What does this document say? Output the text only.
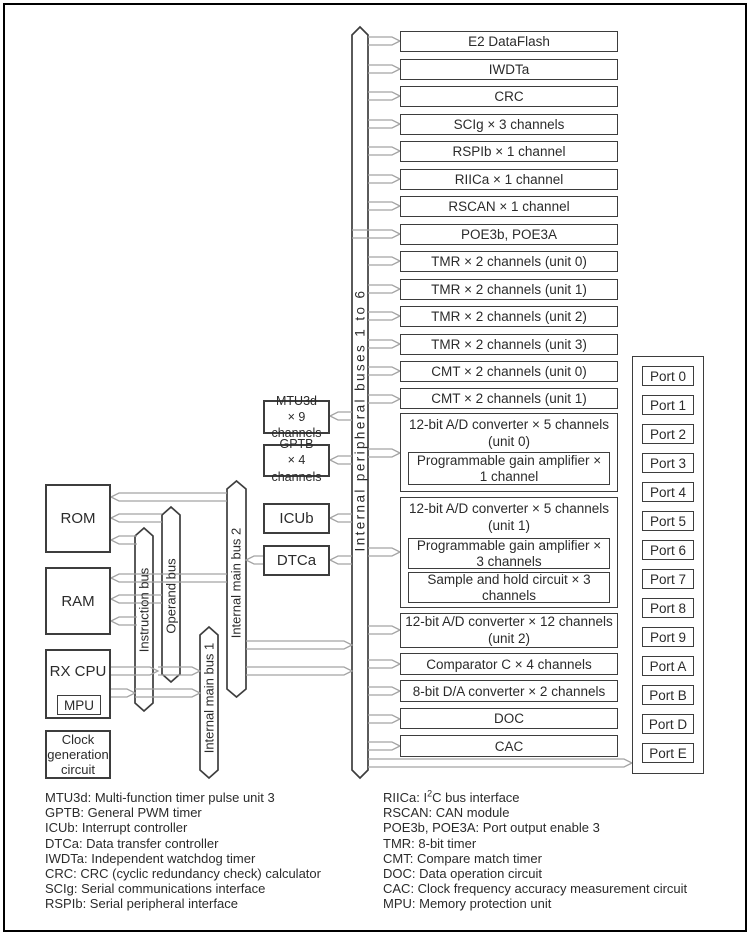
Instruction bus Operand bus
Internal main bus 1
Internal main bus 2
Internal peripheral buses 1 to 6
ROM
RAM
RX CPU
MPU
Clock generation circuit
MTU3d
× 9 channels
GPTB
× 4 channels
ICUb
DTCa
E2 DataFlash
IWDTa
CRC
SCIg × 3 channels
RSPIb × 1 channel
RIICa × 1 channel
RSCAN × 1 channel
POE3b, POE3A
TMR × 2 channels (unit 0)
TMR × 2 channels (unit 1)
TMR × 2 channels (unit 2)
TMR × 2 channels (unit 3)
CMT × 2 channels (unit 0)
CMT × 2 channels (unit 1)
12-bit A/D converter × 5 channels
(unit 0)
Programmable gain amplifier × 1 channel
12-bit A/D converter × 5 channels
(unit 1)
Programmable gain amplifier × 3 channels
Sample and hold circuit × 3 channels
12-bit A/D converter × 12 channels
(unit 2)
Comparator C × 4 channels
8-bit D/A converter × 2 channels
DOC
CAC
Port 0
Port 1
Port 2
Port 3
Port 4
Port 5
Port 6
Port 7
Port 8
Port 9
Port A
Port B
Port D
Port E
MTU3d: Multi-function timer pulse unit 3
GPTB: General PWM timer
ICUb: Interrupt controller
DTCa: Data transfer controller
IWDTa: Independent watchdog timer
CRC: CRC (cyclic redundancy check) calculator
SCIg: Serial communications interface
RSPIb: Serial peripheral interface
RIICa: $I^2C$ bus interface
RSCAN: CAN module
POE3b, POE3A: Port output enable 3
TMR: 8-bit timer
CMT: Compare match timer
DOC: Data operation circuit
CAC: Clock frequency accuracy measurement circuit
MPU: Memory protection unit
